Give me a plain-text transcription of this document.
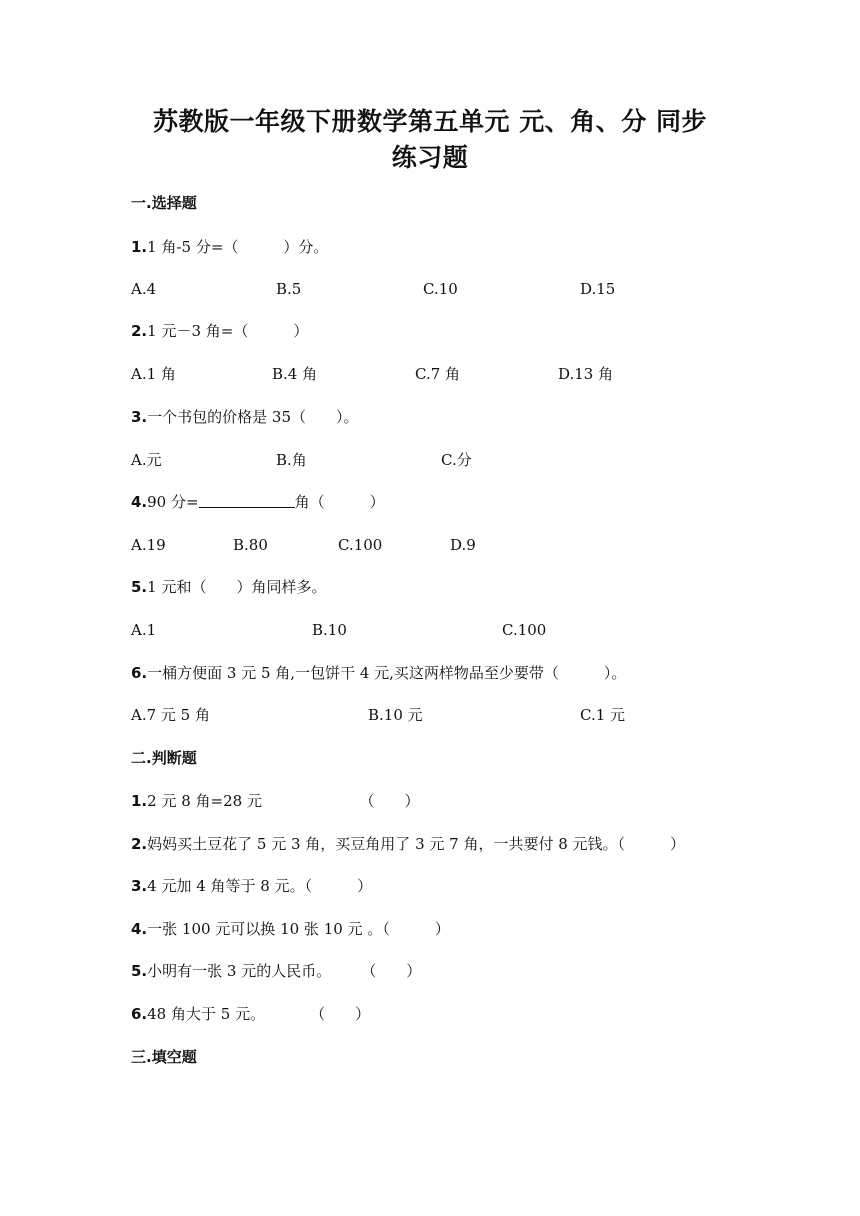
苏教版一年级下册数学第五单元 元、角、分 同步
练习题
一.选择题
1.1 角-5 分=（　　　）分。
A.4	B.5	C.10	D.15
2.1 元－3 角=（　　　）
A.1 角	B.4 角	C.7 角	D.13 角
3.一个书包的价格是 35（　　）。
A.元	B.角	C.分
4.90 分=	角（　　　）
A.19	B.80	C.100	D.9
5.1 元和（　　）角同样多。
A.1	B.10	C.100
6.一桶方便面 3 元 5 角,一包饼干 4 元,买这两样物品至少要带（　　　）。
A.7 元 5 角	B.10 元	C.1 元
二.判断题
1.2 元 8 角=28 元　　　　　　　（　　）
2.妈妈买土豆花了 5 元 3 角，买豆角用了 3 元 7 角，一共要付 8 元钱。（　　　）
3.4 元加 4 角等于 8 元。（　　　）
4.一张 100 元可以换 10 张 10 元 。（　　　）
5.小明有一张 3 元的人民币。　　　（　　）
6.48 角大于 5 元。　　　　（　　）
三.填空题
